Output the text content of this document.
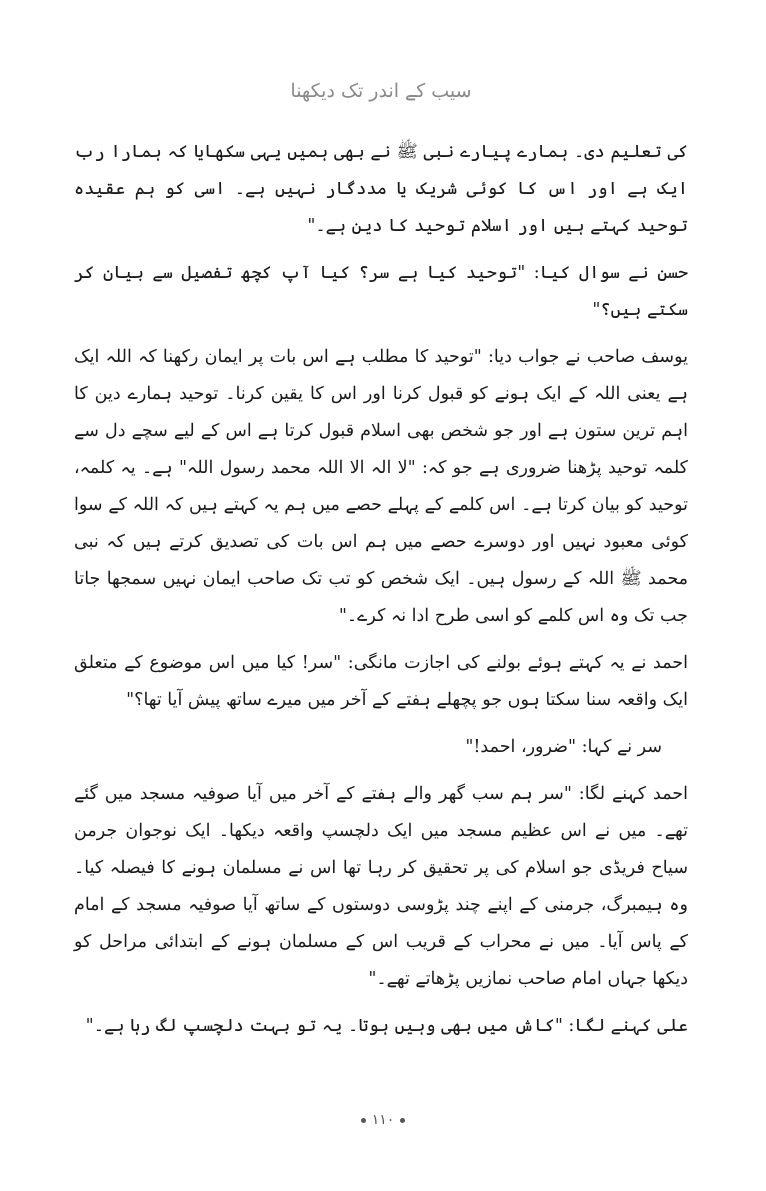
سیب کے اندر تک دیکھنا

کی تعلیم دی۔ ہمارے پیارے نبی ﷺ نے بھی ہمیں یہی سکھایا کہ ہمارا رب ایک ہے اور اس کا کوئی شریک یا مددگار نہیں ہے۔ اسی کو ہم عقیدہ توحید کہتے ہیں اور اسلام توحید کا دین ہے۔"

حسن نے سوال کیا: "توحید کیا ہے سر؟ کیا آپ کچھ تفصیل سے بیان کر سکتے ہیں؟"

یوسف صاحب نے جواب دیا: "توحید کا مطلب ہے اس بات پر ایمان رکھنا کہ اللہ ایک ہے یعنی اللہ کے ایک ہونے کو قبول کرنا اور اس کا یقین کرنا۔ توحید ہمارے دین کا اہم ترین ستون ہے اور جو شخص بھی اسلام قبول کرتا ہے اس کے لیے سچے دل سے کلمہ توحید پڑھنا ضروری ہے جو کہ: "لا الہ الا اللہ محمد رسول اللہ" ہے۔ یہ کلمہ، توحید کو بیان کرتا ہے۔ اس کلمے کے پہلے حصے میں ہم یہ کہتے ہیں کہ اللہ کے سوا کوئی معبود نہیں اور دوسرے حصے میں ہم اس بات کی تصدیق کرتے ہیں کہ نبی محمد ﷺ اللہ کے رسول ہیں۔ ایک شخص کو تب تک صاحب ایمان نہیں سمجھا جاتا جب تک وہ اس کلمے کو اسی طرح ادا نہ کرے۔"

احمد نے یہ کہتے ہوئے بولنے کی اجازت مانگی: "سر! کیا میں اس موضوع کے متعلق ایک واقعہ سنا سکتا ہوں جو پچھلے ہفتے کے آخر میں میرے ساتھ پیش آیا تھا؟"

سر نے کہا: "ضرور، احمد!"

احمد کہنے لگا: "سر ہم سب گھر والے ہفتے کے آخر میں آیا صوفیہ مسجد میں گئے تھے۔ میں نے اس عظیم مسجد میں ایک دلچسپ واقعہ دیکھا۔ ایک نوجوان جرمن سیاح فریڈی جو اسلام کی پر تحقیق کر رہا تھا اس نے مسلمان ہونے کا فیصلہ کیا۔ وہ ہیمبرگ، جرمنی کے اپنے چند پڑوسی دوستوں کے ساتھ آیا صوفیہ مسجد کے امام کے پاس آیا۔ میں نے محراب کے قریب اس کے مسلمان ہونے کے ابتدائی مراحل کو دیکھا جہاں امام صاحب نمازیں پڑھاتے تھے۔"

علی کہنے لگا: "کاش میں بھی وہیں ہوتا۔ یہ تو بہت دلچسپ لگ رہا ہے۔"

۱۱۰
